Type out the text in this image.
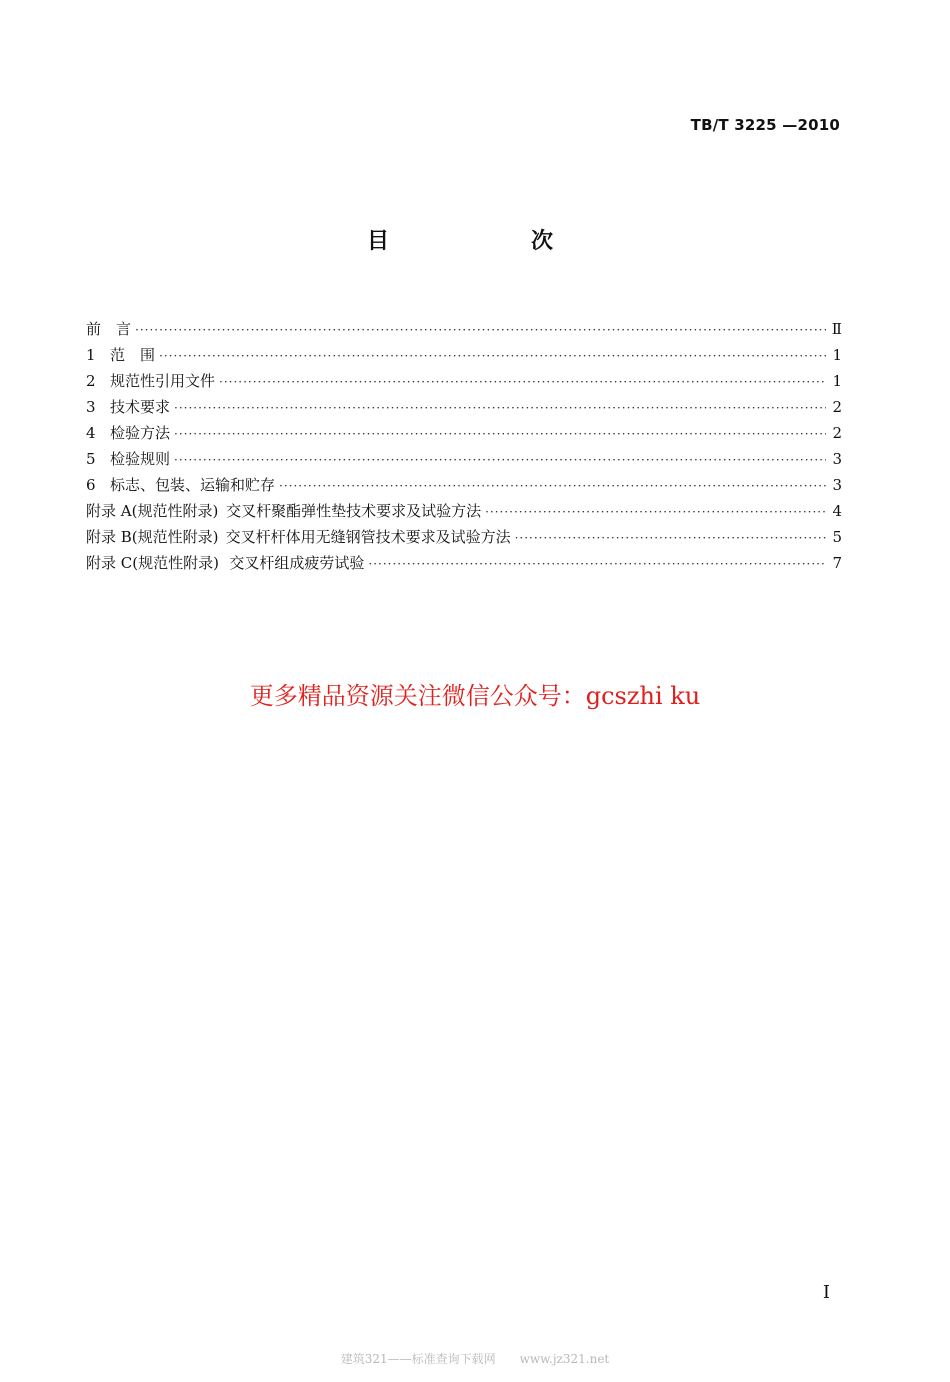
TB/T 3225 —2010
目　次
前　言 ·····	Ⅱ
1 范　围 ·····	1
2 规范性引用文件 ·····	1
3 技术要求 ·····	2
4 检验方法 ·····	2
5 检验规则 ·····	3
6 标志、包装、运输和贮存 ·····	3
附录 A(规范性附录) 交叉杆聚酯弹性垫技术要求及试验方法 ·····	4
附录 B(规范性附录) 交叉杆杆体用无缝钢管技术要求及试验方法 ·····	5
附录 C(规范性附录) 交叉杆组成疲劳试验 ·····	7
更多精品资源关注微信公众号：gcszhi ku
Ⅰ
建筑321——标准查询下载网　　www.jz321.net
